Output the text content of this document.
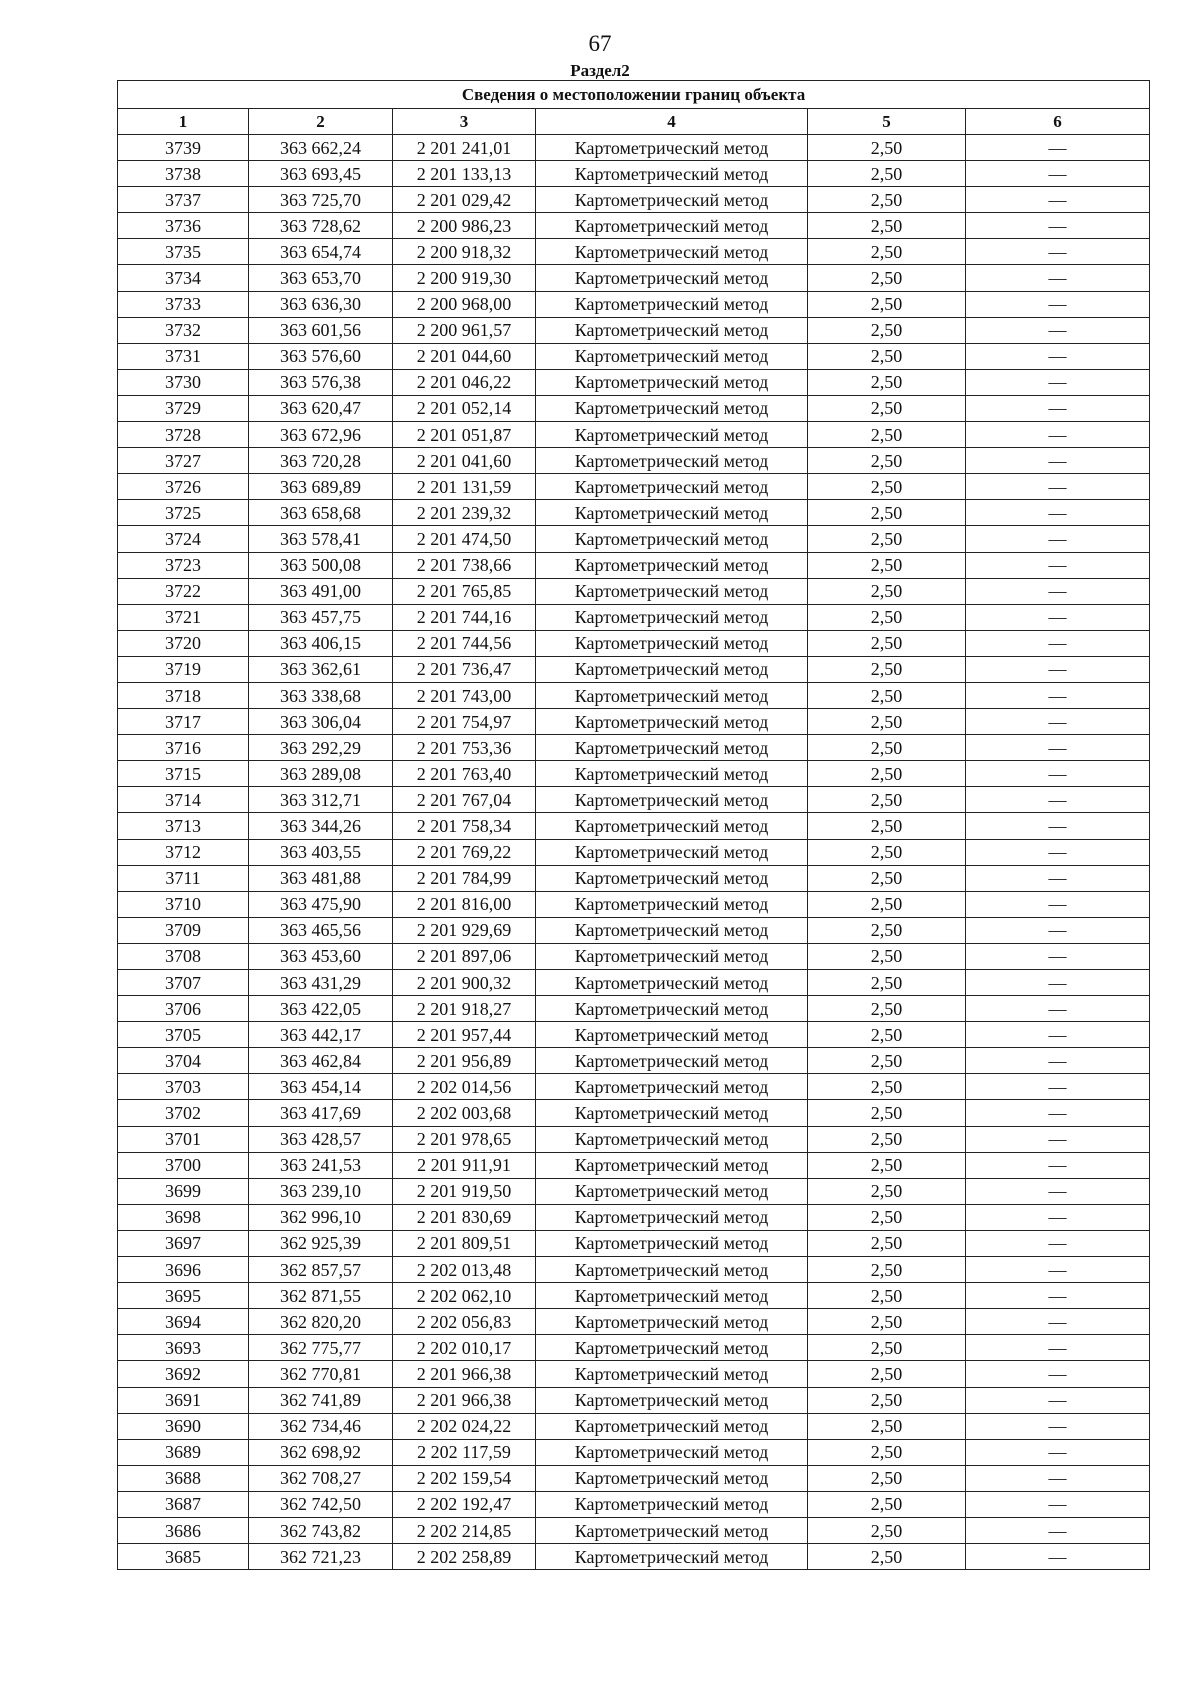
67
Раздел2
Сведения о местоположении границ объекта					
1	2	3	4	5	6
3739	363 662,24	2 201 241,01	Картометрический метод	2,50	—
3738	363 693,45	2 201 133,13	Картометрический метод	2,50	—
3737	363 725,70	2 201 029,42	Картометрический метод	2,50	—
3736	363 728,62	2 200 986,23	Картометрический метод	2,50	—
3735	363 654,74	2 200 918,32	Картометрический метод	2,50	—
3734	363 653,70	2 200 919,30	Картометрический метод	2,50	—
3733	363 636,30	2 200 968,00	Картометрический метод	2,50	—
3732	363 601,56	2 200 961,57	Картометрический метод	2,50	—
3731	363 576,60	2 201 044,60	Картометрический метод	2,50	—
3730	363 576,38	2 201 046,22	Картометрический метод	2,50	—
3729	363 620,47	2 201 052,14	Картометрический метод	2,50	—
3728	363 672,96	2 201 051,87	Картометрический метод	2,50	—
3727	363 720,28	2 201 041,60	Картометрический метод	2,50	—
3726	363 689,89	2 201 131,59	Картометрический метод	2,50	—
3725	363 658,68	2 201 239,32	Картометрический метод	2,50	—
3724	363 578,41	2 201 474,50	Картометрический метод	2,50	—
3723	363 500,08	2 201 738,66	Картометрический метод	2,50	—
3722	363 491,00	2 201 765,85	Картометрический метод	2,50	—
3721	363 457,75	2 201 744,16	Картометрический метод	2,50	—
3720	363 406,15	2 201 744,56	Картометрический метод	2,50	—
3719	363 362,61	2 201 736,47	Картометрический метод	2,50	—
3718	363 338,68	2 201 743,00	Картометрический метод	2,50	—
3717	363 306,04	2 201 754,97	Картометрический метод	2,50	—
3716	363 292,29	2 201 753,36	Картометрический метод	2,50	—
3715	363 289,08	2 201 763,40	Картометрический метод	2,50	—
3714	363 312,71	2 201 767,04	Картометрический метод	2,50	—
3713	363 344,26	2 201 758,34	Картометрический метод	2,50	—
3712	363 403,55	2 201 769,22	Картометрический метод	2,50	—
3711	363 481,88	2 201 784,99	Картометрический метод	2,50	—
3710	363 475,90	2 201 816,00	Картометрический метод	2,50	—
3709	363 465,56	2 201 929,69	Картометрический метод	2,50	—
3708	363 453,60	2 201 897,06	Картометрический метод	2,50	—
3707	363 431,29	2 201 900,32	Картометрический метод	2,50	—
3706	363 422,05	2 201 918,27	Картометрический метод	2,50	—
3705	363 442,17	2 201 957,44	Картометрический метод	2,50	—
3704	363 462,84	2 201 956,89	Картометрический метод	2,50	—
3703	363 454,14	2 202 014,56	Картометрический метод	2,50	—
3702	363 417,69	2 202 003,68	Картометрический метод	2,50	—
3701	363 428,57	2 201 978,65	Картометрический метод	2,50	—
3700	363 241,53	2 201 911,91	Картометрический метод	2,50	—
3699	363 239,10	2 201 919,50	Картометрический метод	2,50	—
3698	362 996,10	2 201 830,69	Картометрический метод	2,50	—
3697	362 925,39	2 201 809,51	Картометрический метод	2,50	—
3696	362 857,57	2 202 013,48	Картометрический метод	2,50	—
3695	362 871,55	2 202 062,10	Картометрический метод	2,50	—
3694	362 820,20	2 202 056,83	Картометрический метод	2,50	—
3693	362 775,77	2 202 010,17	Картометрический метод	2,50	—
3692	362 770,81	2 201 966,38	Картометрический метод	2,50	—
3691	362 741,89	2 201 966,38	Картометрический метод	2,50	—
3690	362 734,46	2 202 024,22	Картометрический метод	2,50	—
3689	362 698,92	2 202 117,59	Картометрический метод	2,50	—
3688	362 708,27	2 202 159,54	Картометрический метод	2,50	—
3687	362 742,50	2 202 192,47	Картометрический метод	2,50	—
3686	362 743,82	2 202 214,85	Картометрический метод	2,50	—
3685	362 721,23	2 202 258,89	Картометрический метод	2,50	—
